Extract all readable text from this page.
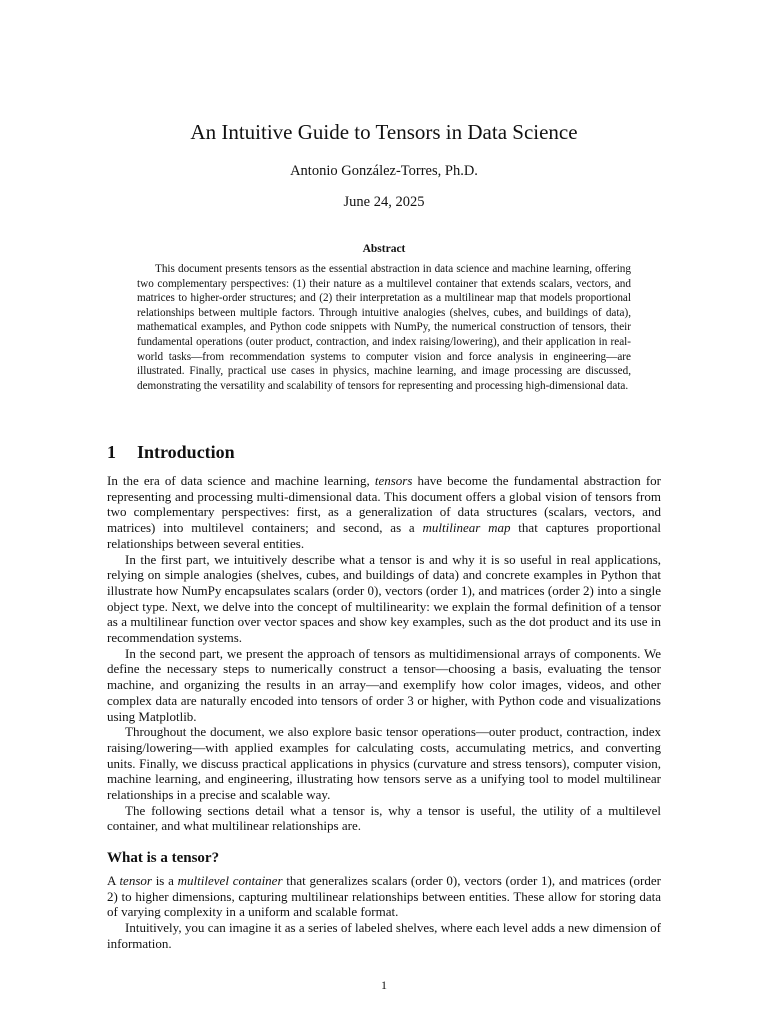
An Intuitive Guide to Tensors in Data Science
Antonio González-Torres, Ph.D.
June 24, 2025
Abstract

This document presents tensors as the essential abstraction in data science and machine learning, offering two complementary perspectives: (1) their nature as a multilevel container that extends scalars, vectors, and matrices to higher-order structures; and (2) their interpretation as a multilinear map that models proportional relationships between multiple factors. Through intuitive analogies (shelves, cubes, and buildings of data), mathematical examples, and Python code snippets with NumPy, the numerical construction of tensors, their fundamental operations (outer product, contraction, and index raising/lowering), and their application in real-world tasks—from recommendation systems to computer vision and force analysis in engineering—are illustrated. Finally, practical use cases in physics, machine learning, and image processing are discussed, demonstrating the versatility and scalability of tensors for representing and processing high-dimensional data.

1 Introduction

In the era of data science and machine learning, tensors have become the fundamental abstraction for representing and processing multi-dimensional data. This document offers a global vision of tensors from two complementary perspectives: first, as a generalization of data structures (scalars, vectors, and matrices) into multilevel containers; and second, as a multilinear map that captures proportional relationships between several entities.

In the first part, we intuitively describe what a tensor is and why it is so useful in real applications, relying on simple analogies (shelves, cubes, and buildings of data) and concrete examples in Python that illustrate how NumPy encapsulates scalars (order 0), vectors (order 1), and matrices (order 2) into a single object type. Next, we delve into the concept of multilinearity: we explain the formal definition of a tensor as a multilinear function over vector spaces and show key examples, such as the dot product and its use in recommendation systems.

In the second part, we present the approach of tensors as multidimensional arrays of components. We define the necessary steps to numerically construct a tensor—choosing a basis, evaluating the tensor machine, and organizing the results in an array—and exemplify how color images, videos, and other complex data are naturally encoded into tensors of order 3 or higher, with Python code and visualizations using Matplotlib.

Throughout the document, we also explore basic tensor operations—outer product, contraction, index raising/lowering—with applied examples for calculating costs, accumulating metrics, and converting units. Finally, we discuss practical applications in physics (curvature and stress tensors), computer vision, machine learning, and engineering, illustrating how tensors serve as a unifying tool to model multilinear relationships in a precise and scalable way.

The following sections detail what a tensor is, why a tensor is useful, the utility of a multilevel container, and what multilinear relationships are.

What is a tensor?

A tensor is a multilevel container that generalizes scalars (order 0), vectors (order 1), and matrices (order 2) to higher dimensions, capturing multilinear relationships between entities. These allow for storing data of varying complexity in a uniform and scalable format.

Intuitively, you can imagine it as a series of labeled shelves, where each level adds a new dimension of information.

1
